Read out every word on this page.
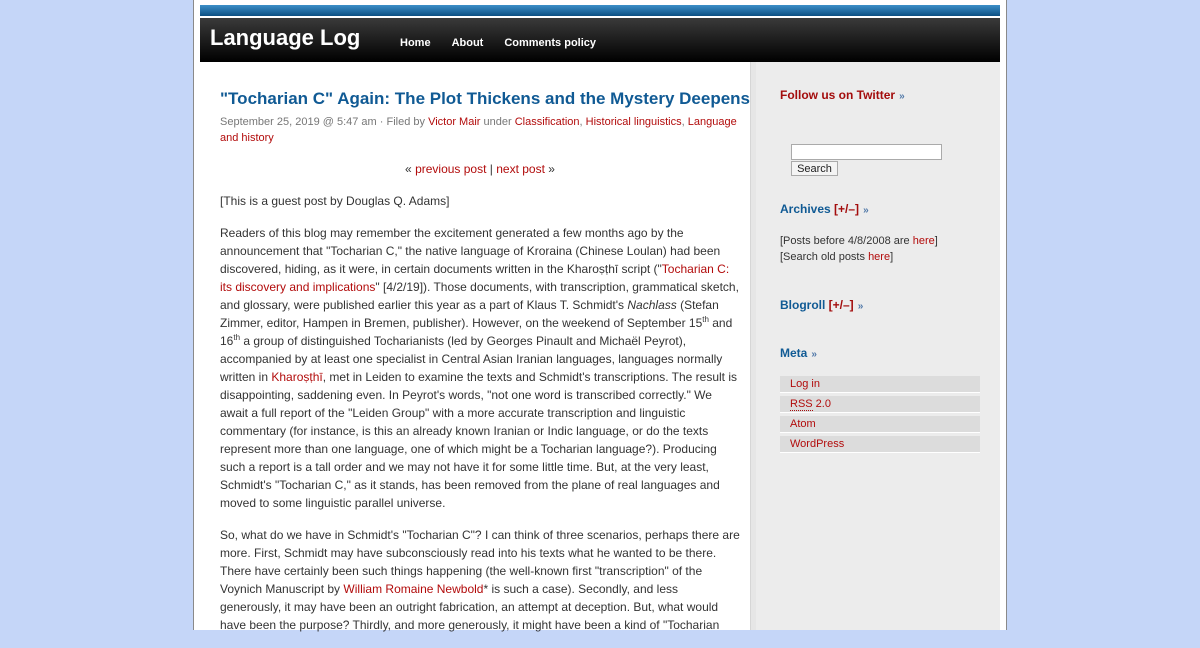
Language Log	Home About Comments policy
"Tocharian C" Again: The Plot Thickens and the Mystery Deepens
September 25, 2019 @ 5:47 am · Filed by Victor Mair under Classification, Historical linguistics, Language and history
« previous post | next post »

[This is a guest post by Douglas Q. Adams]

Readers of this blog may remember the excitement generated a few months ago by the announcement that "Tocharian C," the native language of Kroraina (Chinese Loulan) had been discovered, hiding, as it were, in certain documents written in the Kharoṣṭhī script ("Tocharian C: its discovery and implications" [4/2/19]). Those documents, with transcription, grammatical sketch, and glossary, were published earlier this year as a part of Klaus T. Schmidt's Nachlass (Stefan Zimmer, editor, Hampen in Bremen, publisher). However, on the weekend of September 15th and 16th a group of distinguished Tocharianists (led by Georges Pinault and Michaël Peyrot), accompanied by at least one specialist in Central Asian Iranian languages, languages normally written in Kharoṣṭhī, met in Leiden to examine the texts and Schmidt's transcriptions. The result is disappointing, saddening even. In Peyrot's words, "not one word is transcribed correctly." We await a full report of the "Leiden Group" with a more accurate transcription and linguistic commentary (for instance, is this an already known Iranian or Indic language, or do the texts represent more than one language, one of which might be a Tocharian language?). Producing such a report is a tall order and we may not have it for some little time. But, at the very least, Schmidt's "Tocharian C," as it stands, has been removed from the plane of real languages and moved to some linguistic parallel universe.

So, what do we have in Schmidt's "Tocharian C"? I can think of three scenarios, perhaps there are more. First, Schmidt may have subconsciously read into his texts what he wanted to be there. There have certainly been such things happening (the well-known first "transcription" of the Voynich Manuscript by William Romaine Newbold* is such a case). Secondly, and less generously, it may have been an outright fabrication, an attempt at deception. But, what would have been the purpose? Thirdly, and more generously, it might have been a kind of "Tocharian

Follow us on Twitter »
Search
Archives [+/–] »
[Posts before 4/8/2008 are here]
[Search old posts here]
Blogroll [+/–] »
Meta »
Log in
RSS 2.0
Atom
WordPress
